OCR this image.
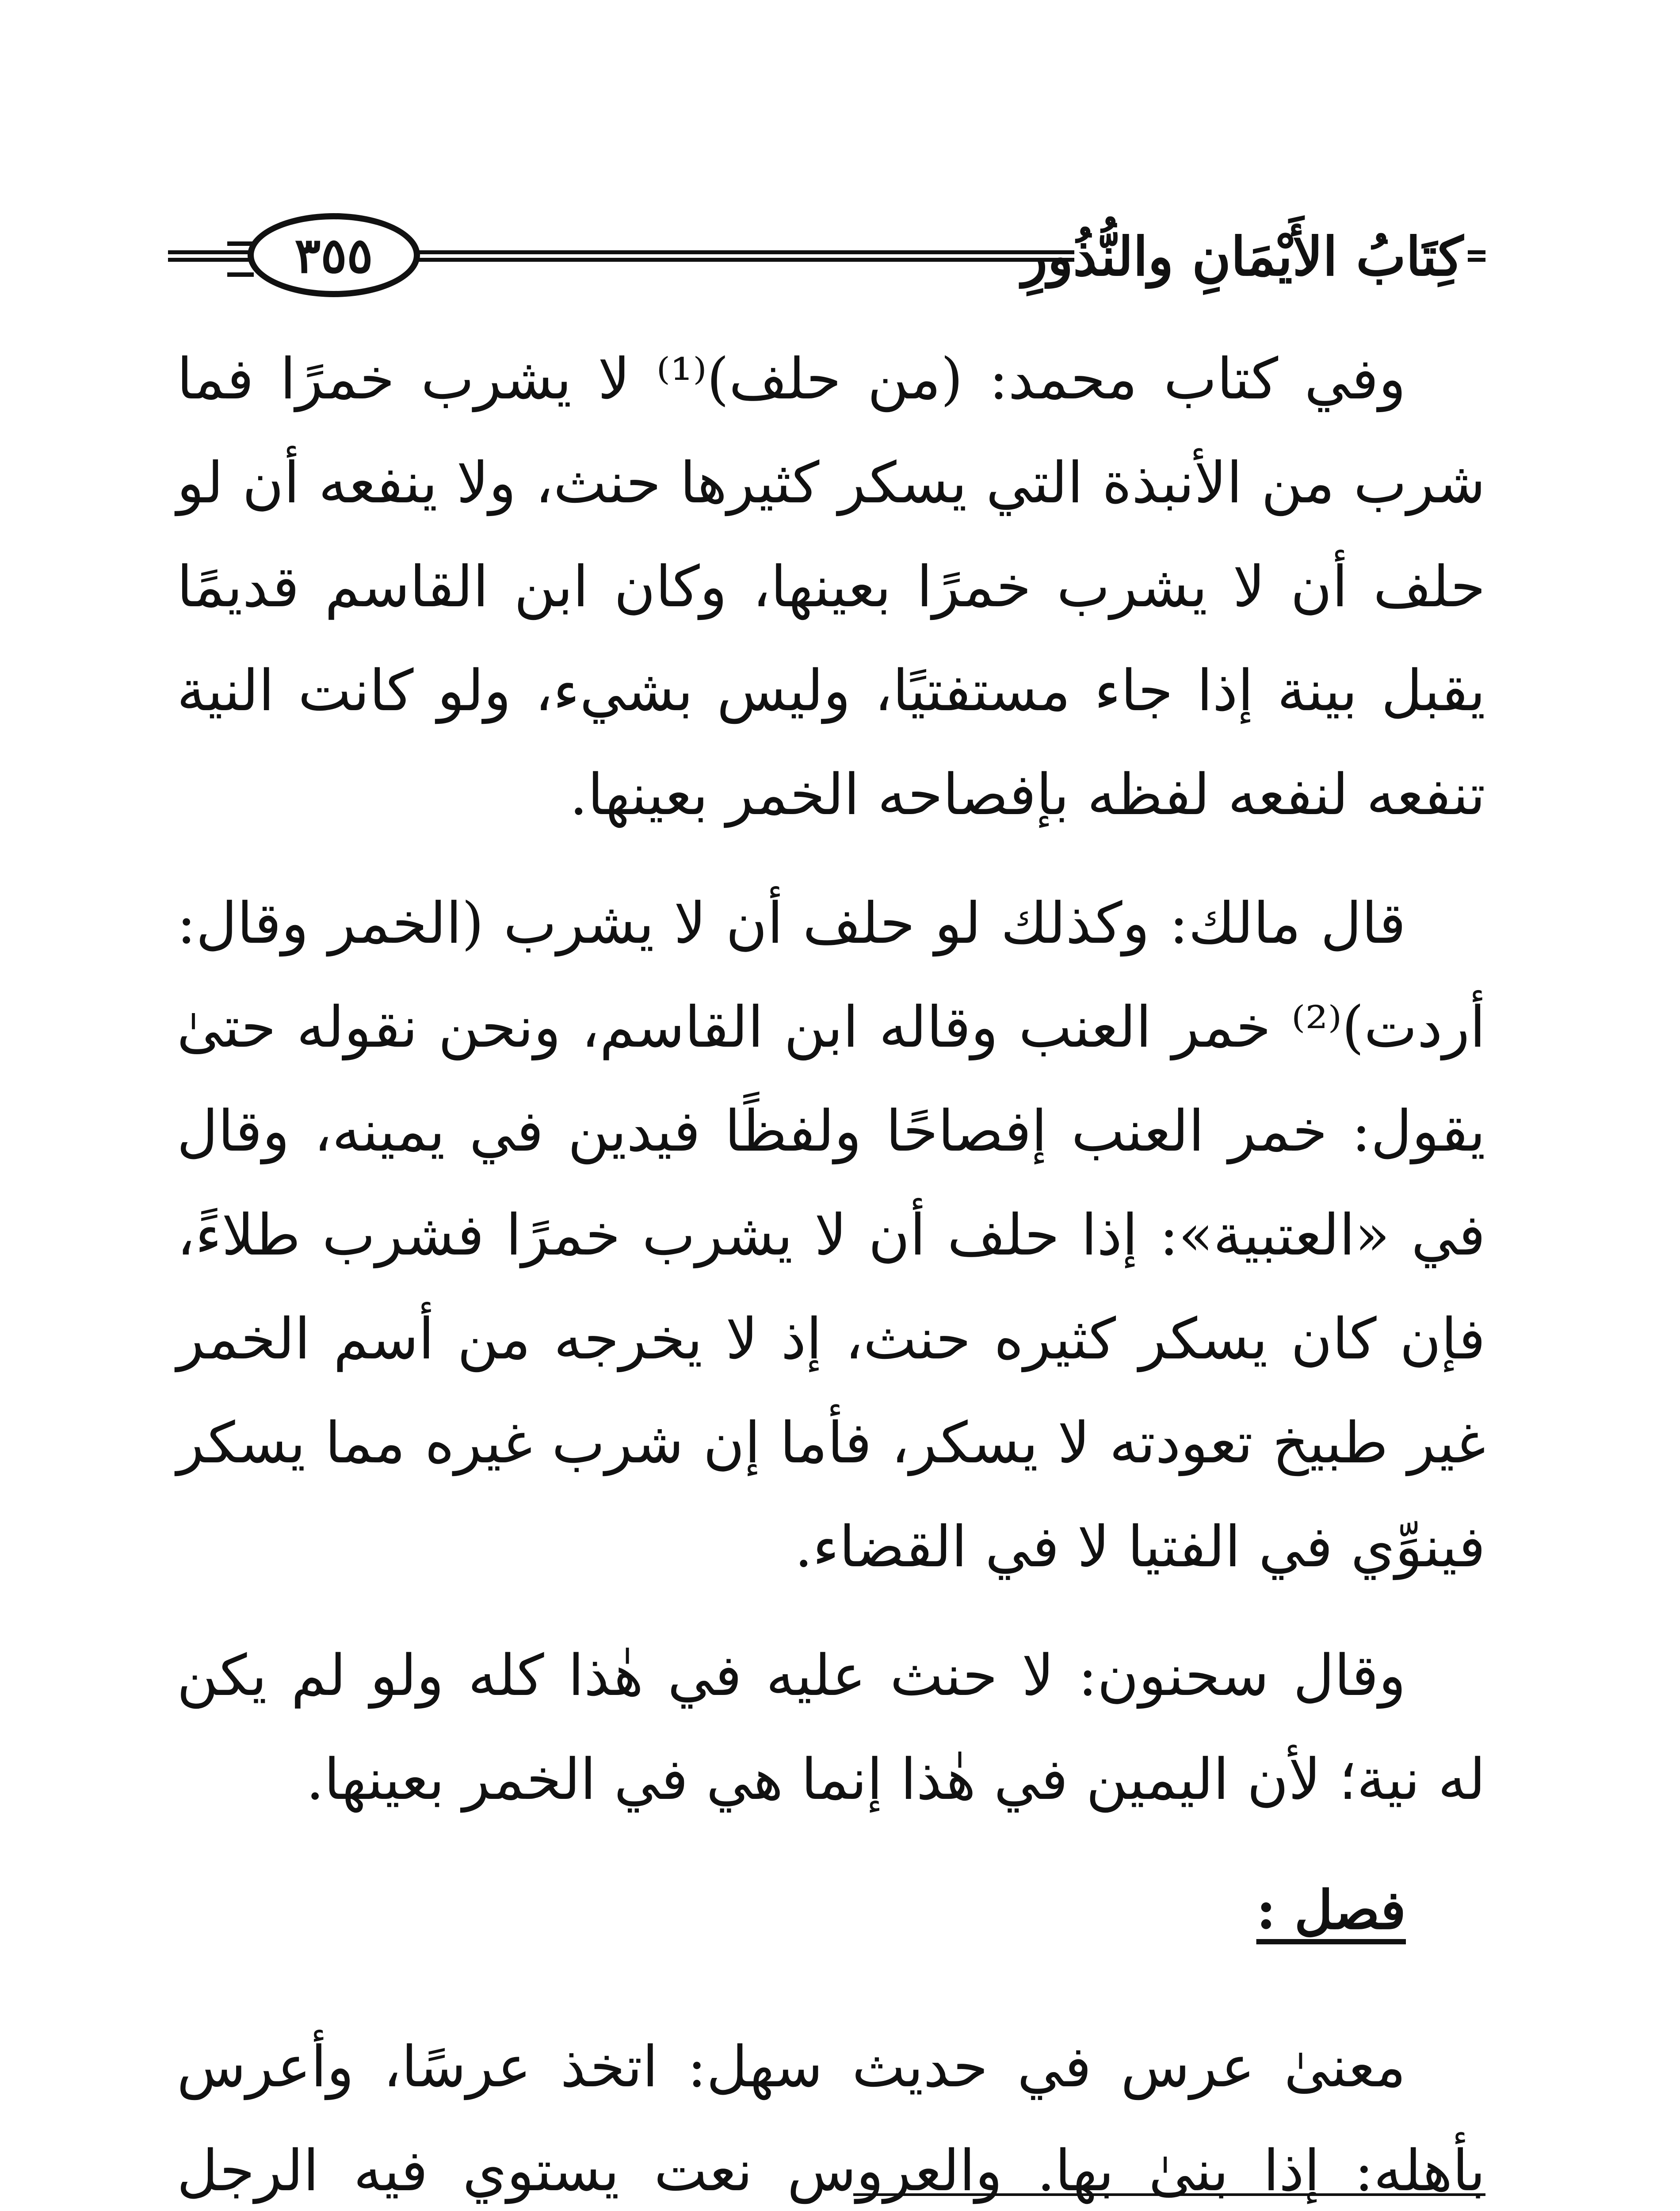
٣٥٥	كِتَابُ الأَيْمَانِ والنُّذُورِ

وفي كتاب محمد: (من حلف)⁽¹⁾ لا يشرب خمرًا فما شرب من الأنبذة التي يسكر كثيرها حنث، ولا ينفعه أن لو حلف أن لا يشرب خمرًا بعينها، وكان ابن القاسم قديمًا يقبل بينة إذا جاء مستفتيًا، وليس بشيء، ولو كانت النية تنفعه لنفعه لفظه بإفصاحه الخمر بعينها.

قال مالك: وكذلك لو حلف أن لا يشرب (الخمر وقال: أردت)⁽²⁾ خمر العنب وقاله ابن القاسم، ونحن نقوله حتىٰ يقول: خمر العنب إفصاحًا ولفظًا فيدين في يمينه، وقال في «العتبية»: إذا حلف أن لا يشرب خمرًا فشرب طلاءً، فإن كان يسكر كثيره حنث، إذ لا يخرجه من أسم الخمر غير طبيخ تعودته لا يسكر، فأما إن شرب غيره مما يسكر فينوِّي في الفتيا لا في القضاء.

وقال سحنون: لا حنث عليه في هٰذا كله ولو لم يكن له نية؛ لأن اليمين في هٰذا إنما هي في الخمر بعينها.

فصل :

معنىٰ عرس في حديث سهل: اتخذ عرسًا، وأعرس بأهله: إذا بنىٰ بها. والعروس نعت يستوي فيه الرجل
